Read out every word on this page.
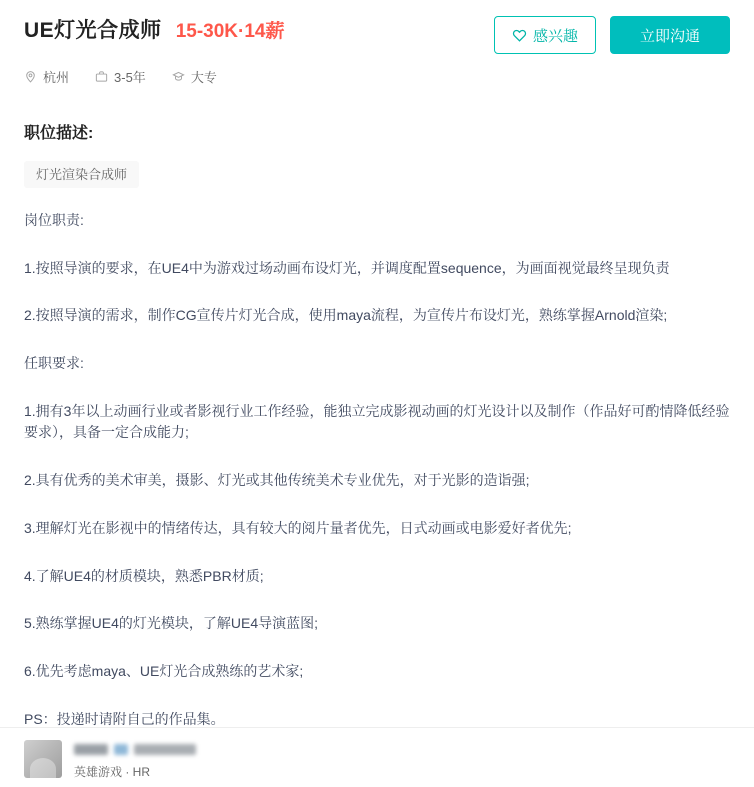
UE灯光合成师 15-30K·14薪	感兴趣	立即沟通
杭州	3-5年	大专
职位描述:
灯光渲染合成师

岗位职责:

1.按照导演的要求，在UE4中为游戏过场动画布设灯光，并调度配置sequence，为画面视觉最终呈现负责

2.按照导演的需求，制作CG宣传片灯光合成，使用maya流程，为宣传片布设灯光，熟练掌握Arnold渲染;

任职要求:

1.拥有3年以上动画行业或者影视行业工作经验，能独立完成影视动画的灯光设计以及制作（作品好可酌情降低经验要求），具备一定合成能力;

2.具有优秀的美术审美，摄影、灯光或其他传统美术专业优先，对于光影的造诣强;

3.理解灯光在影视中的情绪传达，具有较大的阅片量者优先，日式动画或电影爱好者优先;

4.了解UE4的材质模块，熟悉PBR材质;

5.熟练掌握UE4的灯光模块，了解UE4导演蓝图;

6.优先考虑maya、UE灯光合成熟练的艺术家;

PS：投递时请附自己的作品集。

英雄游戏 · HR
